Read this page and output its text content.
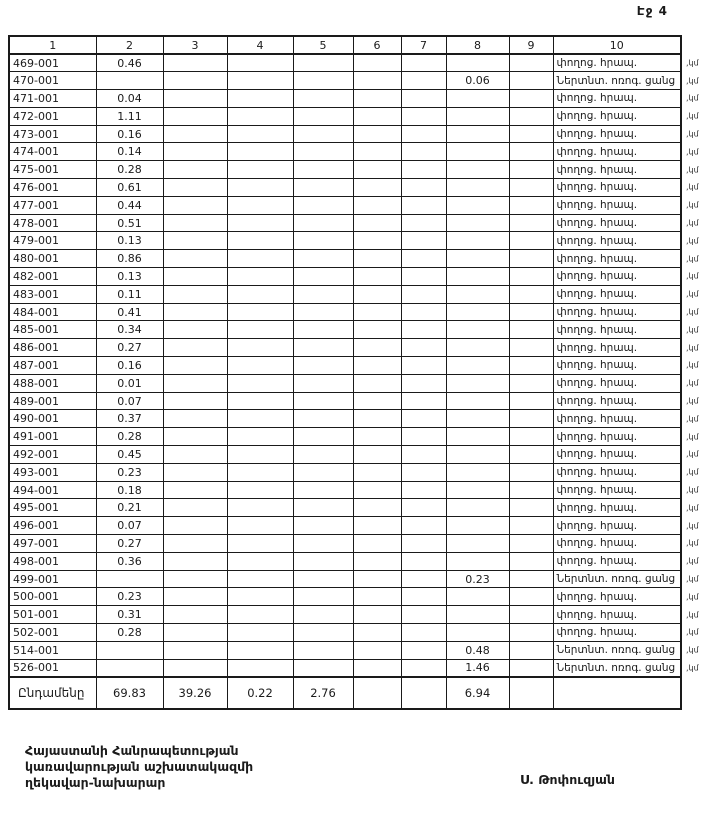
Էջ 4
1	2	3	4	5	6	7	8	9	10
469-001	0.46								փողոց. հրապ. ,կմ

470-001							0.06		Ներտնտ. ոռոգ. ցանց ,կմ

471-001	0.04								փողոց. հրապ. ,կմ

472-001	1.11								փողոց. հրապ. ,կմ

473-001	0.16								փողոց. հրապ. ,կմ

474-001	0.14								փողոց. հրապ. ,կմ

475-001	0.28								փողոց. հրապ. ,կմ

476-001	0.61								փողոց. հրապ. ,կմ

477-001	0.44								փողոց. հրապ. ,կմ

478-001	0.51								փողոց. հրապ. ,կմ

479-001	0.13								փողոց. հրապ. ,կմ

480-001	0.86								փողոց. հրապ. ,կմ

482-001	0.13								փողոց. հրապ. ,կմ

483-001	0.11								փողոց. հրապ. ,կմ

484-001	0.41								փողոց. հրապ. ,կմ

485-001	0.34								փողոց. հրապ. ,կմ

486-001	0.27								փողոց. հրապ. ,կմ

487-001	0.16								փողոց. հրապ. ,կմ

488-001	0.01								փողոց. հրապ. ,կմ

489-001	0.07								փողոց. հրապ. ,կմ

490-001	0.37								փողոց. հրապ. ,կմ

491-001	0.28								փողոց. հրապ. ,կմ

492-001	0.45								փողոց. հրապ. ,կմ

493-001	0.23								փողոց. հրապ. ,կմ

494-001	0.18								փողոց. հրապ. ,կմ

495-001	0.21								փողոց. հրապ. ,կմ

496-001	0.07								փողոց. հրապ. ,կմ

497-001	0.27								փողոց. հրապ. ,կմ

498-001	0.36								փողոց. հրապ. ,կմ

499-001							0.23		Ներտնտ. ոռոգ. ցանց ,կմ

500-001	0.23								փողոց. հրապ. ,կմ

501-001	0.31								փողոց. հրապ. ,կմ

502-001	0.28								փողոց. հրապ. ,կմ

514-001							0.48		Ներտնտ. ոռոգ. ցանց ,կմ

526-001							1.46		Ներտնտ. ոռոգ. ցանց ,կմ

Ընդամենը	69.83	39.26	0.22	2.76			6.94		
Հայաստանի Հանրապետության
կառավարության աշխատակազմի
ղեկավար-նախարար	Ս. Թոփուզյան
